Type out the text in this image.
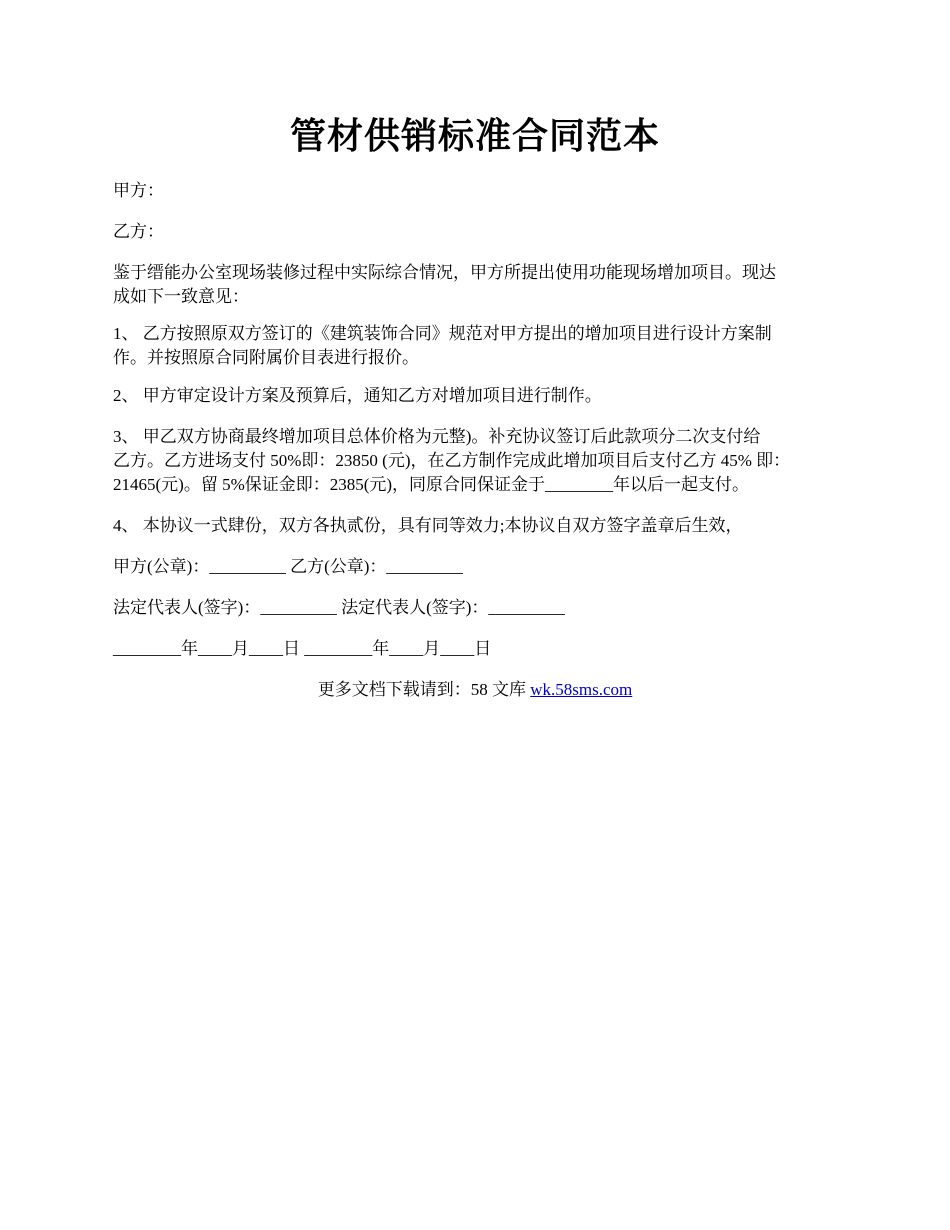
管材供销标准合同范本

甲方：

乙方：

鉴于缙能办公室现场装修过程中实际综合情况，甲方所提出使用功能现场增加项目。现达
成如下一致意见：

1、 乙方按照原双方签订的《建筑装饰合同》规范对甲方提出的增加项目进行设计方案制
作。并按照原合同附属价目表进行报价。

2、 甲方审定设计方案及预算后，通知乙方对增加项目进行制作。

3、 甲乙双方协商最终增加项目总体价格为元整)。补充协议签订后此款项分二次支付给
乙方。乙方进场支付 50%即：23850 (元)，在乙方制作完成此增加项目后支付乙方 45% 即：
21465(元)。留 5%保证金即：2385(元)，同原合同保证金于________年以后一起支付。

4、 本协议一式肆份，双方各执贰份，具有同等效力;本协议自双方签字盖章后生效，

甲方(公章)：_________ 乙方(公章)：_________

法定代表人(签字)：_________ 法定代表人(签字)：_________

________年____月____日 ________年____月____日

更多文档下载请到：58 文库 wk.58sms.com
